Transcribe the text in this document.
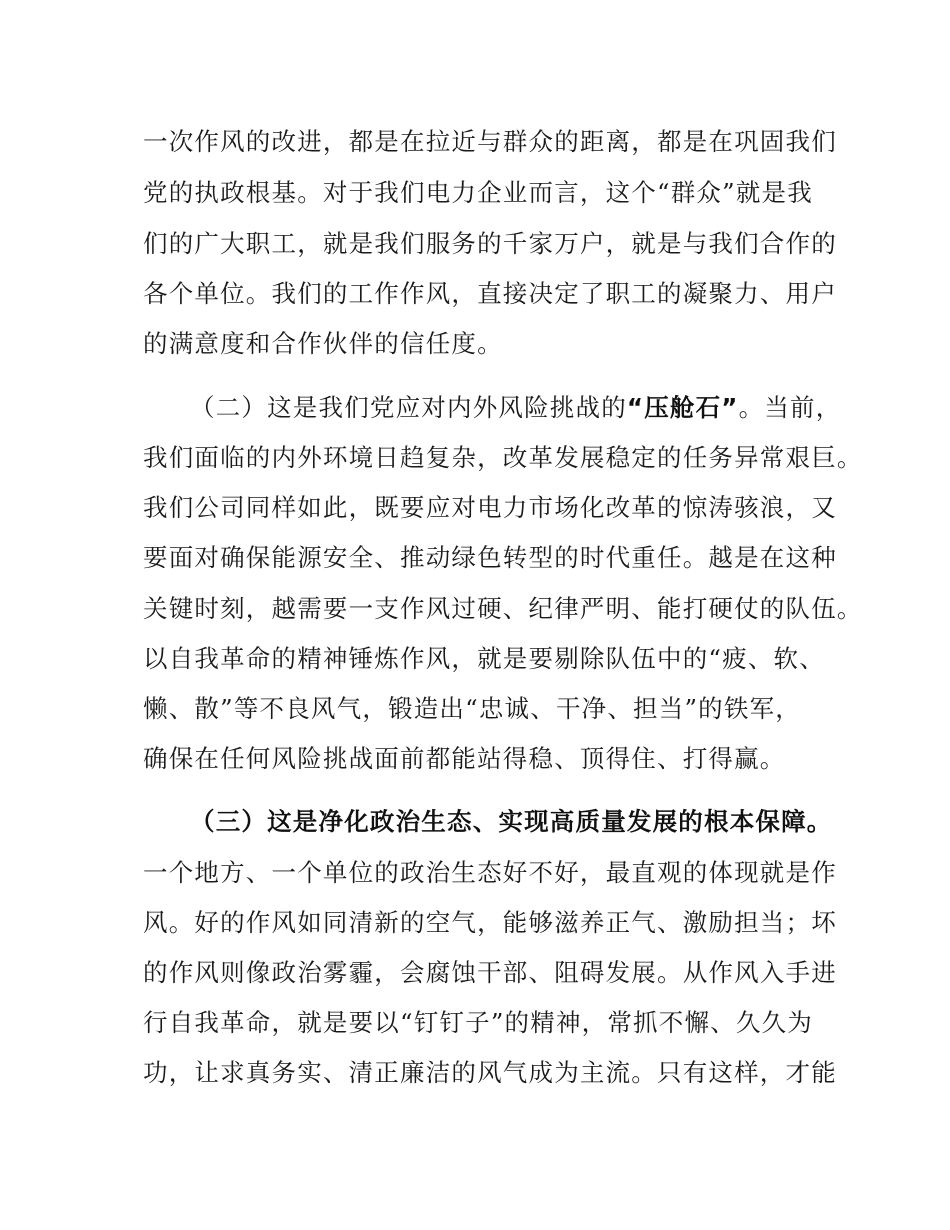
一次作风的改进，都是在拉近与群众的距离，都是在巩固我们
党的执政根基。对于我们电力企业而言，这个“群众”就是我
们的广大职工，就是我们服务的千家万户，就是与我们合作的
各个单位。我们的工作作风，直接决定了职工的凝聚力、用户
的满意度和合作伙伴的信任度。
（二）这是我们党应对内外风险挑战的“压舱石”。当前，
我们面临的内外环境日趋复杂，改革发展稳定的任务异常艰巨。
我们公司同样如此，既要应对电力市场化改革的惊涛骇浪，又
要面对确保能源安全、推动绿色转型的时代重任。越是在这种
关键时刻，越需要一支作风过硬、纪律严明、能打硬仗的队伍。
以自我革命的精神锤炼作风，就是要剔除队伍中的“疲、软、
懒、散”等不良风气，锻造出“忠诚、干净、担当”的铁军，
确保在任何风险挑战面前都能站得稳、顶得住、打得赢。
（三）这是净化政治生态、实现高质量发展的根本保障。
一个地方、一个单位的政治生态好不好，最直观的体现就是作
风。好的作风如同清新的空气，能够滋养正气、激励担当；坏
的作风则像政治雾霾，会腐蚀干部、阻碍发展。从作风入手进
行自我革命，就是要以“钉钉子”的精神，常抓不懈、久久为
功，让求真务实、清正廉洁的风气成为主流。只有这样，才能
